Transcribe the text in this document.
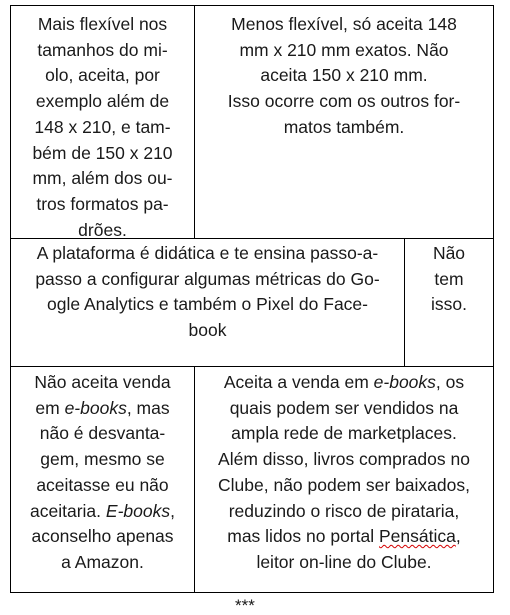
Mais flexível nos
tamanhos do mi-
olo, aceita, por
exemplo além de
148 x 210, e tam-
bém de 150 x 210
mm, além dos ou-
tros formatos pa-
drões.
Menos flexível, só aceita 148
mm x 210 mm exatos. Não
aceita 150 x 210 mm.
Isso ocorre com os outros for-
matos também.
A plataforma é didática e te ensina passo-a-
passo a configurar algumas métricas do Go-
ogle Analytics e também o Pixel do Face-
book
Não
tem
isso.
Não aceita venda
em e-books, mas
não é desvanta-
gem, mesmo se
aceitasse eu não
aceitaria. E-books,
aconselho apenas
a Amazon.
Aceita a venda em e-books, os
quais podem ser vendidos na
ampla rede de marketplaces.
Além disso, livros comprados no
Clube, não podem ser baixados,
reduzindo o risco de pirataria,
mas lidos no portal Pensática,
leitor on-line do Clube.
***
